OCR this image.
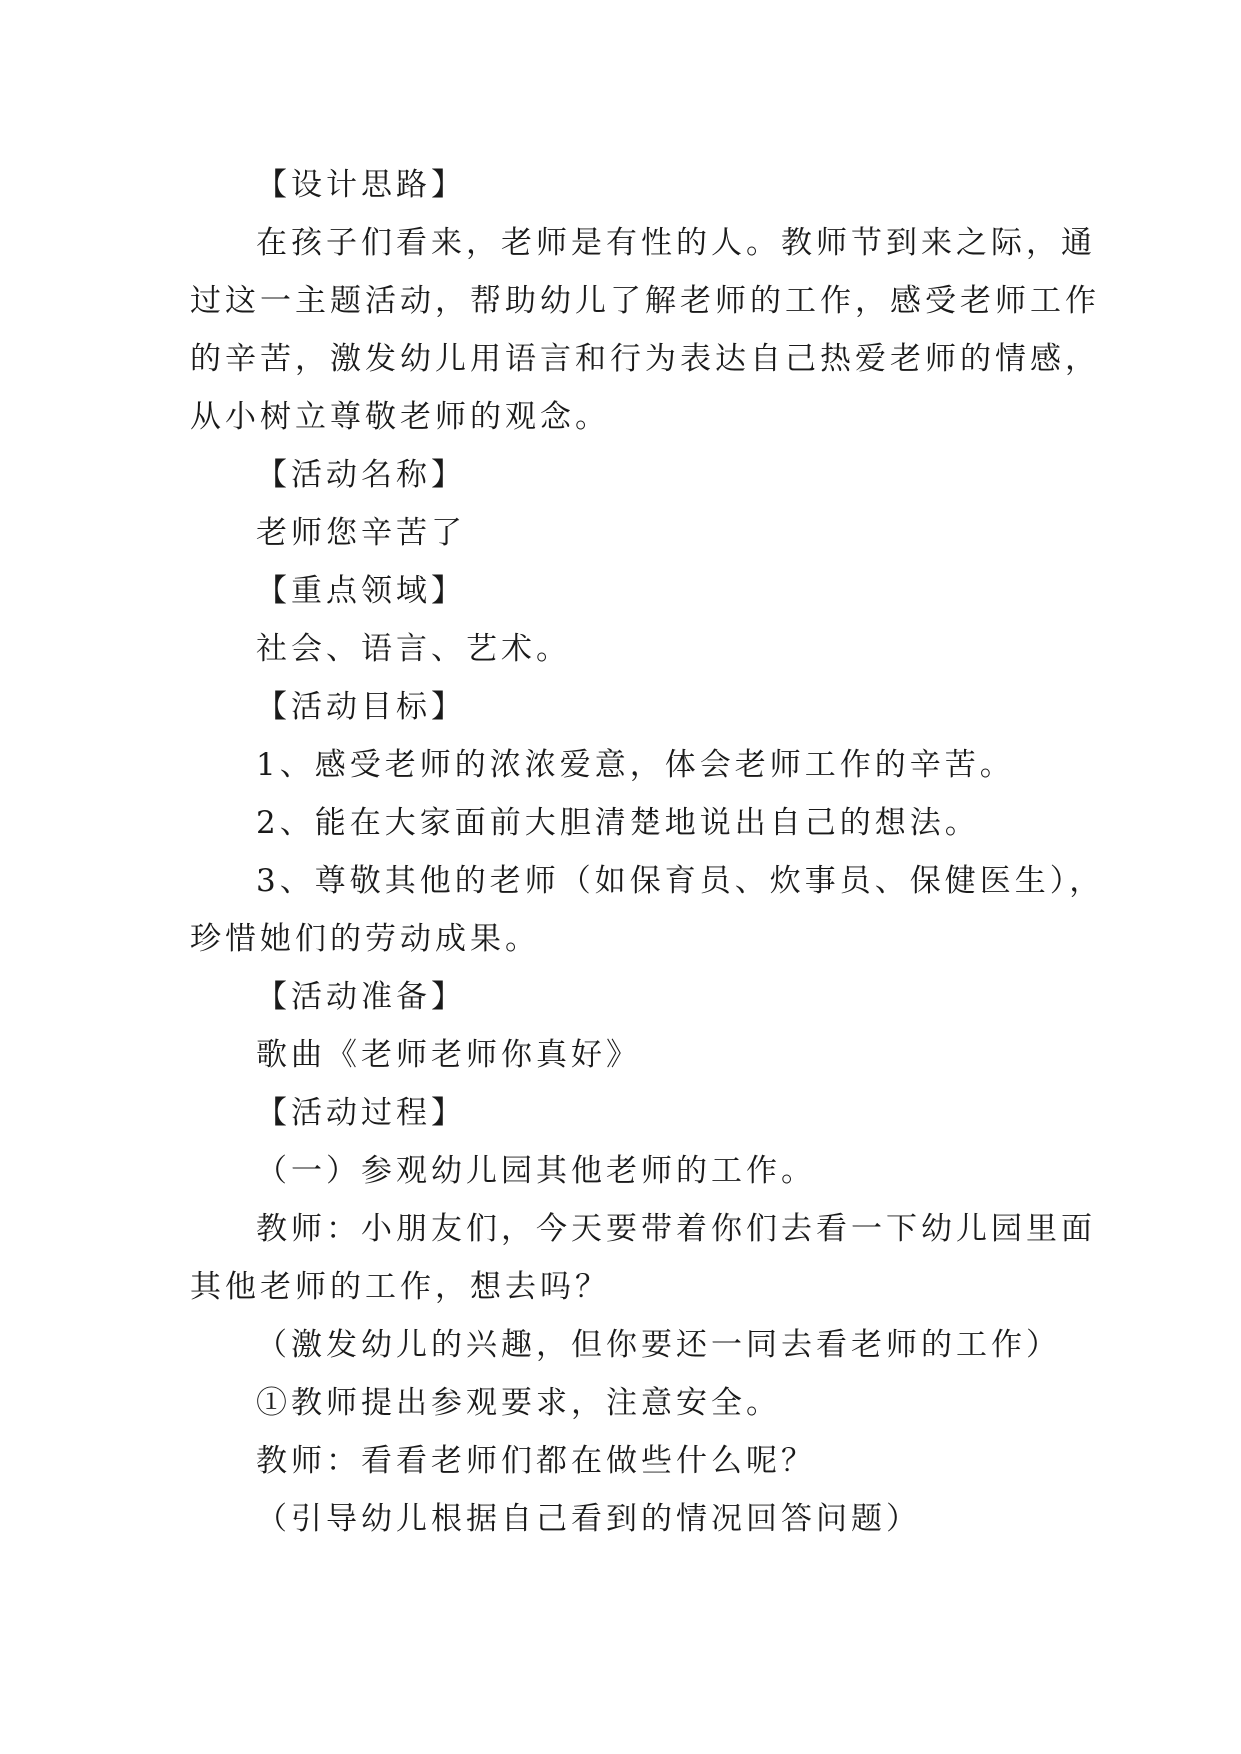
【设计思路】
在孩子们看来，老师是有性的人。教师节到来之际，通
过这一主题活动，帮助幼儿了解老师的工作，感受老师工作
的辛苦，激发幼儿用语言和行为表达自己热爱老师的情感，
从小树立尊敬老师的观念。
【活动名称】
老师您辛苦了
【重点领域】
社会、语言、艺术。
【活动目标】
1、感受老师的浓浓爱意，体会老师工作的辛苦。
2、能在大家面前大胆清楚地说出自己的想法。
3、尊敬其他的老师（如保育员、炊事员、保健医生），
珍惜她们的劳动成果。
【活动准备】
歌曲《老师老师你真好》
【活动过程】
（一）参观幼儿园其他老师的工作。
教师：小朋友们，今天要带着你们去看一下幼儿园里面
其他老师的工作，想去吗？
（激发幼儿的兴趣，但你要还一同去看老师的工作）
①教师提出参观要求，注意安全。
教师：看看老师们都在做些什么呢？
（引导幼儿根据自己看到的情况回答问题）
